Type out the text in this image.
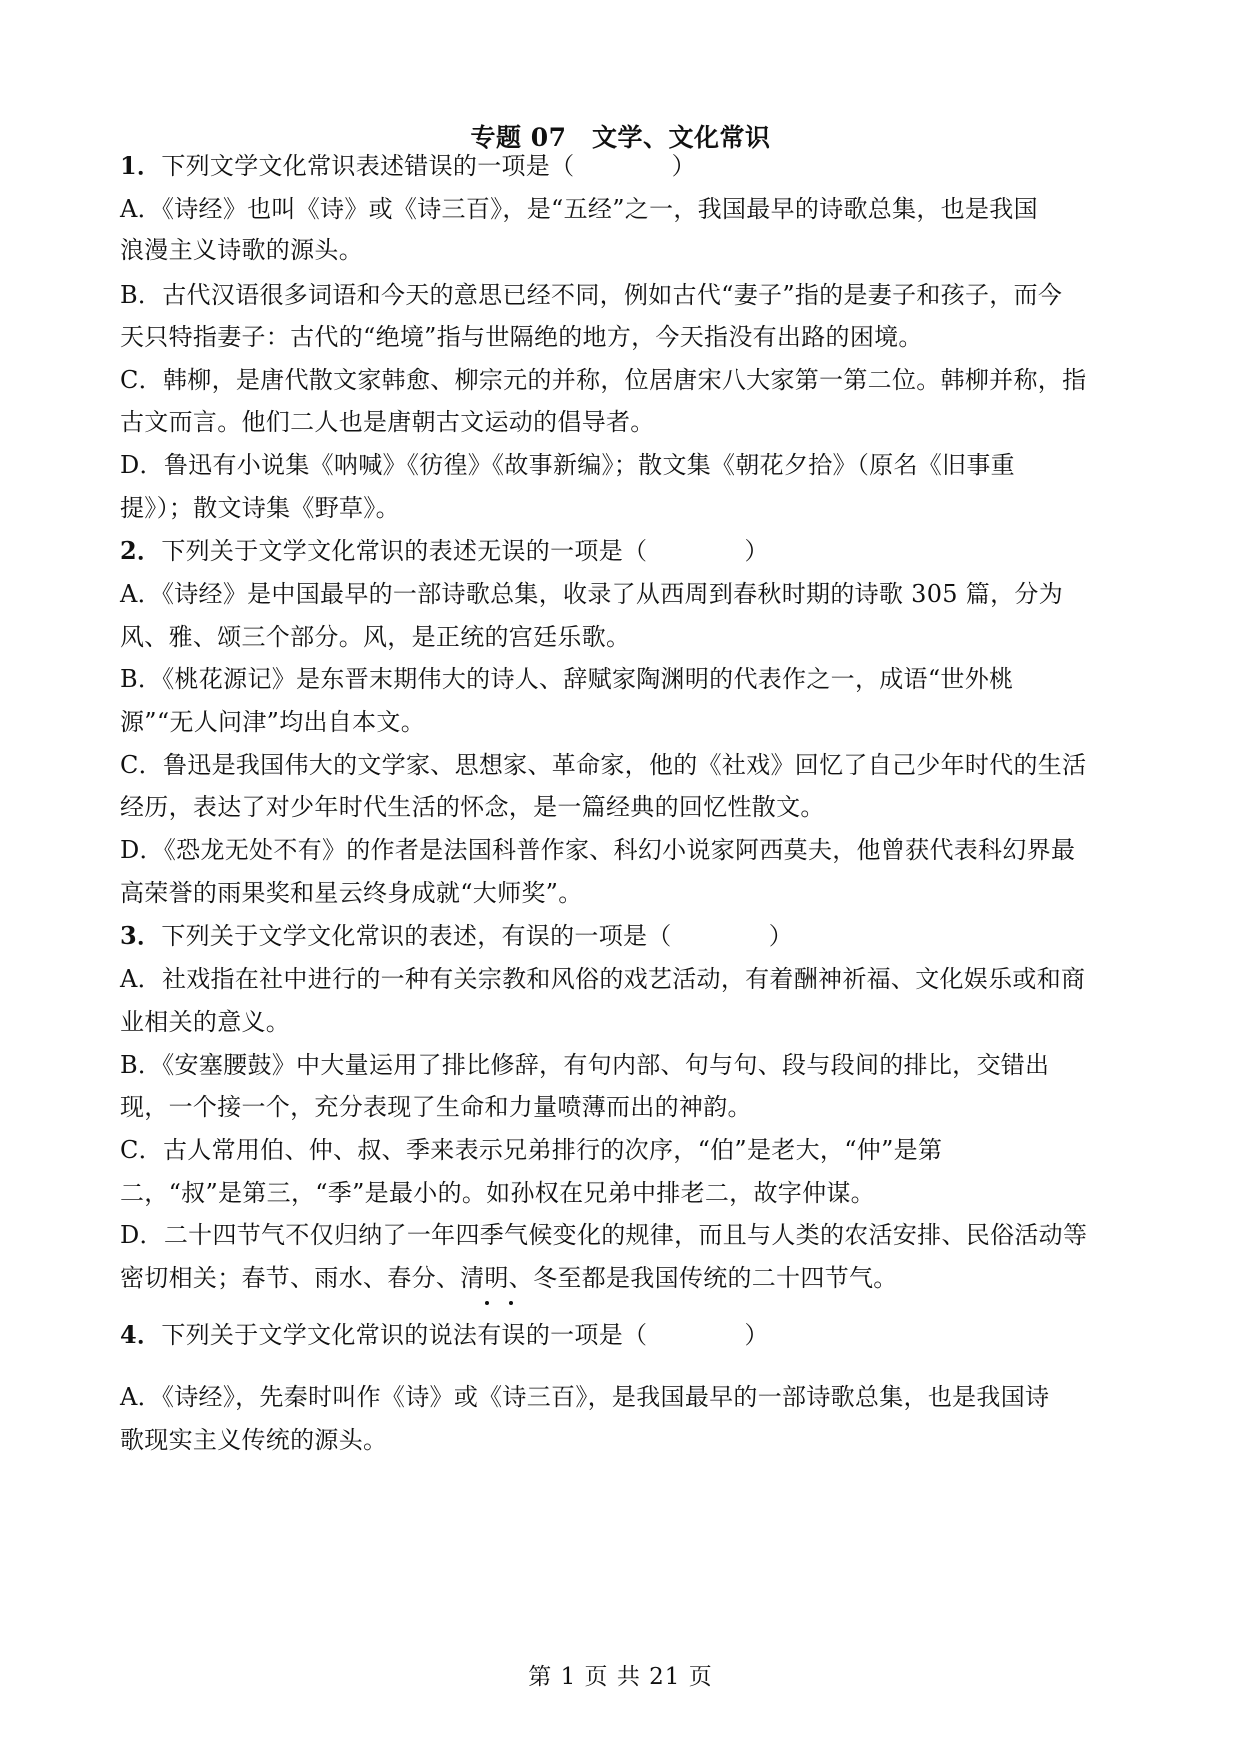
专题 07　文学、文化常识
1．下列文学文化常识表述错误的一项是（　　　　）
A．《诗经》也叫《诗》或《诗三百》，是“五经”之一，我国最早的诗歌总集，也是我国
浪漫主义诗歌的源头。
B．古代汉语很多词语和今天的意思已经不同，例如古代“妻子”指的是妻子和孩子，而今
天只特指妻子：古代的“绝境”指与世隔绝的地方，今天指没有出路的困境。
C．韩柳，是唐代散文家韩愈、柳宗元的并称，位居唐宋八大家第一第二位。韩柳并称，指
古文而言。他们二人也是唐朝古文运动的倡导者。
D．鲁迅有小说集《呐喊》《彷徨》《故事新编》；散文集《朝花夕拾》（原名《旧事重
提》）；散文诗集《野草》。
2．下列关于文学文化常识的表述无误的一项是（　　　　）
A．《诗经》是中国最早的一部诗歌总集，收录了从西周到春秋时期的诗歌 305 篇，分为
风、雅、颂三个部分。风，是正统的宫廷乐歌。
B．《桃花源记》是东晋末期伟大的诗人、辞赋家陶渊明的代表作之一，成语“世外桃
源”“无人问津”均出自本文。
C．鲁迅是我国伟大的文学家、思想家、革命家，他的《社戏》回忆了自己少年时代的生活
经历，表达了对少年时代生活的怀念，是一篇经典的回忆性散文。
D．《恐龙无处不有》的作者是法国科普作家、科幻小说家阿西莫夫，他曾获代表科幻界最
高荣誉的雨果奖和星云终身成就“大师奖”。
3．下列关于文学文化常识的表述，有误的一项是（　　　　）
A．社戏指在社中进行的一种有关宗教和风俗的戏艺活动，有着酬神祈福、文化娱乐或和商
业相关的意义。
B．《安塞腰鼓》中大量运用了排比修辞，有句内部、句与句、段与段间的排比，交错出
现，一个接一个，充分表现了生命和力量喷薄而出的神韵。
C．古人常用伯、仲、叔、季来表示兄弟排行的次序，“伯”是老大，“仲”是第
二，“叔”是第三，“季”是最小的。如孙权在兄弟中排老二，故字仲谋。
D．二十四节气不仅归纳了一年四季气候变化的规律，而且与人类的农活安排、民俗活动等
密切相关；春节、雨水、春分、清明、冬至都是我国传统的二十四节气。
4．下列关于文学文化常识的说法
有误的一项是（　　　　）
A．《诗经》，先秦时叫作《诗》或《诗三百》，是我国最早的一部诗歌总集，也是我国诗
歌现实主义传统的源头。
第 1 页 共 21 页
